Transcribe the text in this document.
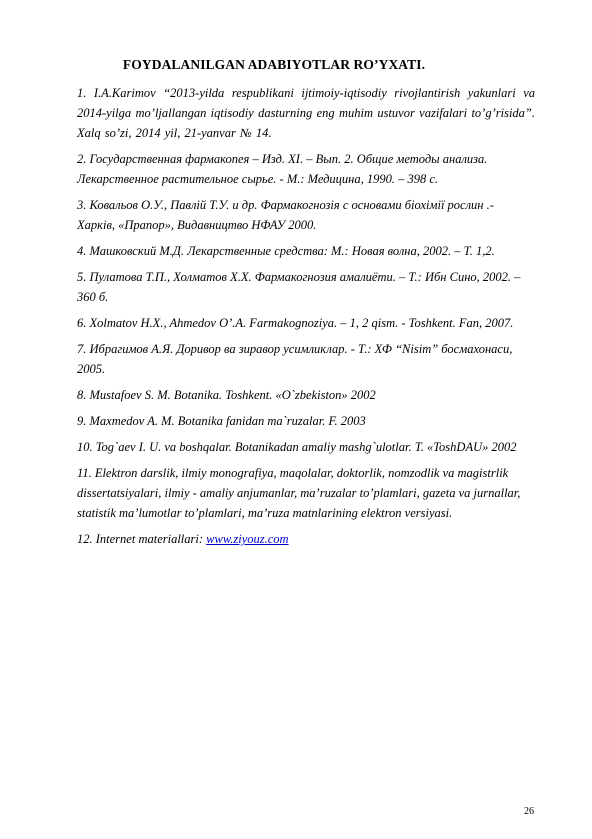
FOYDALANILGAN ADABIYOTLAR RO’YXATI.

1. I.A.Karimov “2013-yilda respublikani ijtimoiy-iqtisodiy rivojlantirish yakunlari va 2014-yilga mo’ljallangan iqtisodiy dasturning eng muhim ustuvor vazifalari to’g’risida”. Xalq so’zi, 2014 yil, 21-yanvar № 14.

2. Государственная фармакопея – Изд. XI. – Вып. 2. Общие методы анализа. Лекарственное растительное сырье. - М.: Медицина, 1990. – 398 с.

3. Ковальов О.У., Павлій Т.У. и др. Фармакогнозія с основами біохімії рослин .- Харків, «Прапор», Видавництво НФАУ 2000.

4. Машковский М.Д. Лекарственные средства: М.: Новая волна, 2002. – Т. 1,2.

5. Пулатова Т.П., Холматов Х.Х. Фармакогнозия амалиёти. – Т.: Ибн Сино, 2002. – 360 б.

6. Xolmatov H.X., Ahmedov O’.A. Farmakognoziya. – 1, 2 qism. - Toshkent. Fan, 2007.

7. Ибрагимов А.Я. Доривор ва зиравор усимликлар. - Т.: ХФ “Nisim” босмахонаси, 2005.

8. Mustafoev S. M. Botanika. Toshkent. «O`zbekiston» 2002

9. Maxmedov A. M. Botanika fanidan ma`ruzalar. F. 2003

10. Tog`aev I. U. va boshqalar. Botanikadan amaliy mashg`ulotlar. T. «ToshDAU» 2002

11. Elektron darslik, ilmiy monografiya, maqolalar, doktorlik, nomzodlik va magistrlik dissertatsiyalari, ilmiy - amaliy anjumanlar, ma’ruzalar to’plamlari, gazeta va jurnallar, statistik ma’lumotlar to’plamlari, ma’ruza matnlarining elektron versiyasi.

12. Internet materiallari: www.ziyouz.com

26
